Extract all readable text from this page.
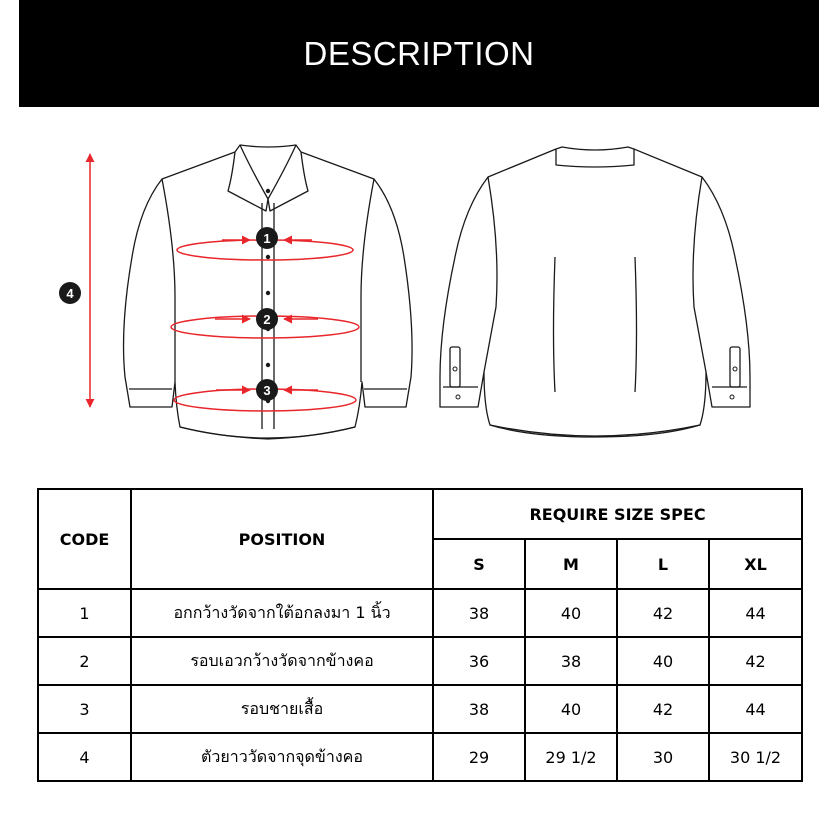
DESCRIPTION
1
2
3
4
CODE	POSITION	REQUIRE SIZE SPEC			
		S	M	L	XL
1	อกกว้างวัดจากใต้อกลงมา 1 นิ้ว	38	40	42	44
2	รอบเอวกว้างวัดจากข้างคอ	36	38	40	42
3	รอบชายเสื้อ	38	40	42	44
4	ตัวยาววัดจากจุดข้างคอ	29	29 1/2	30	30 1/2
